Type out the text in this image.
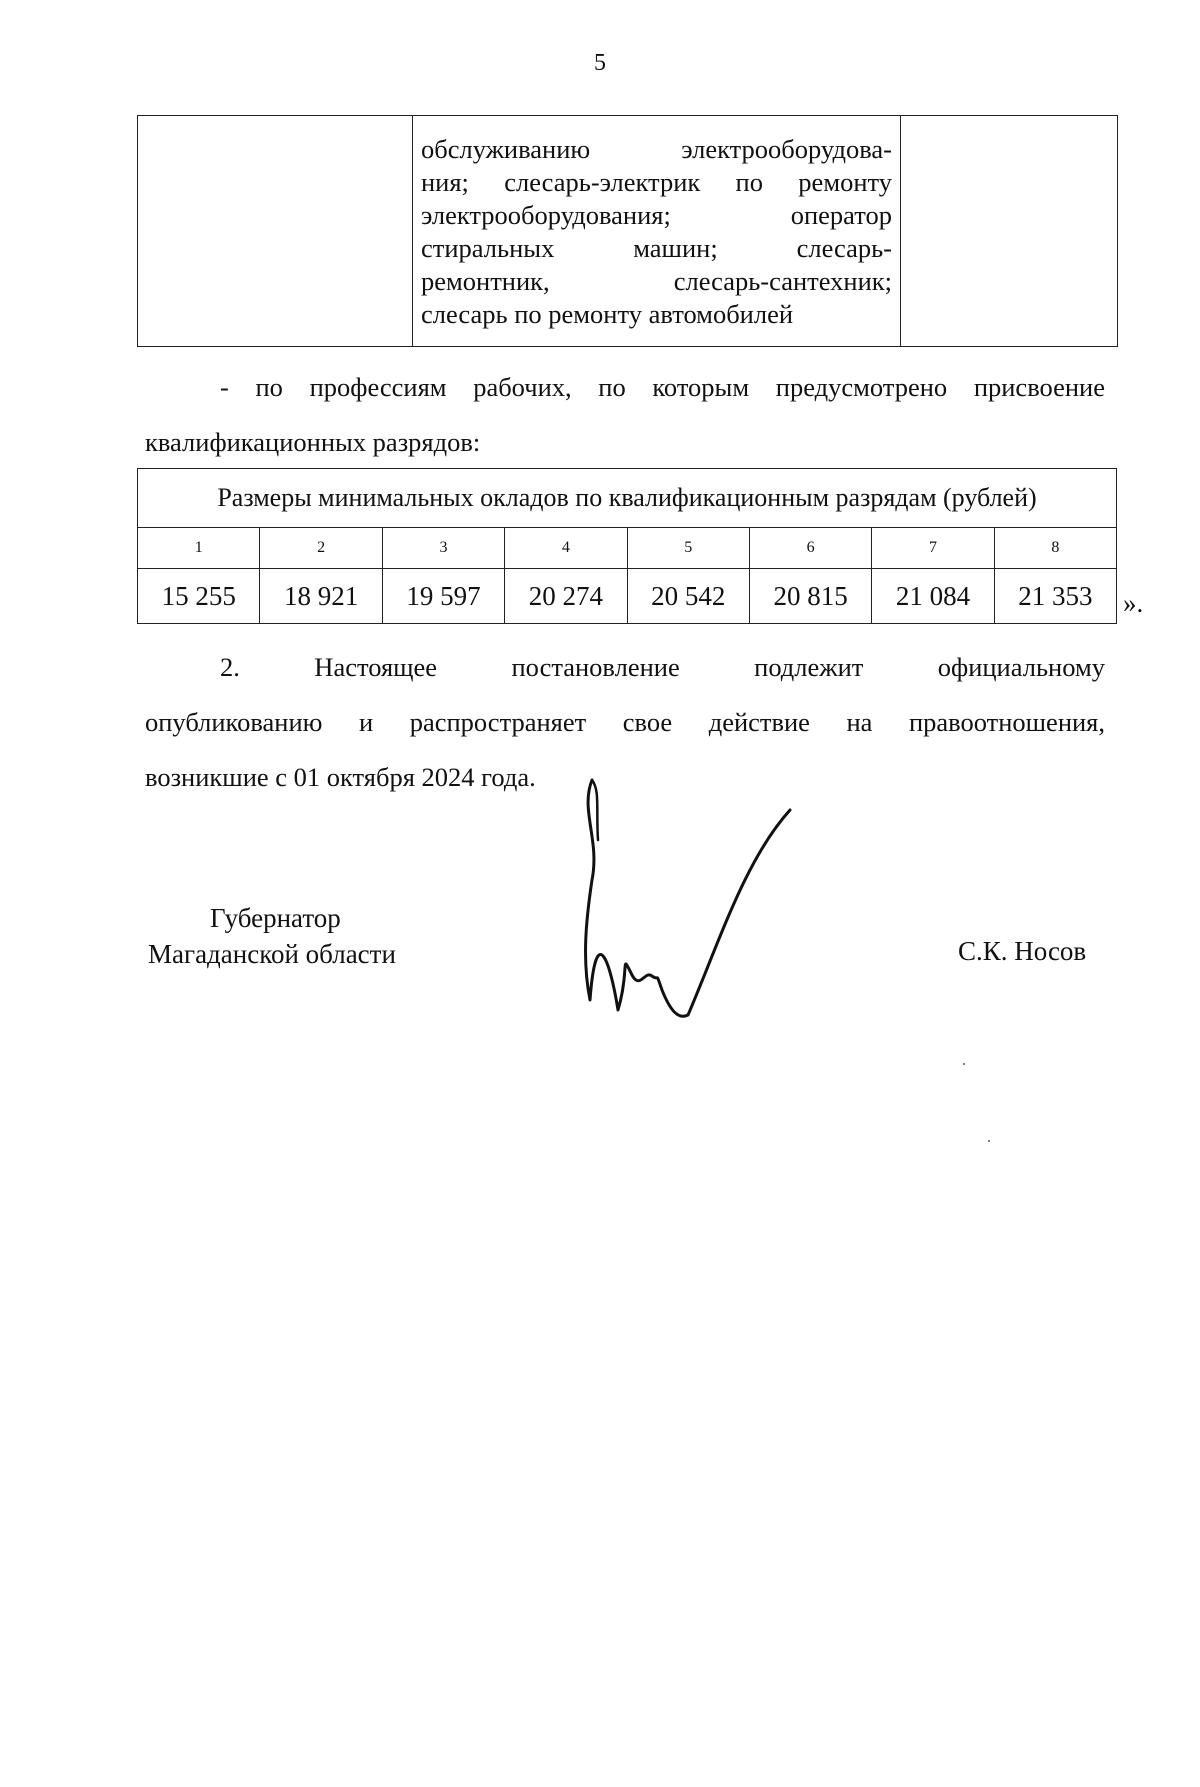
5

обслуживанию электрооборудова-
ния; слесарь-электрик по ремонту
электрооборудования; оператор
стиральных машин; слесарь-
ремонтник, слесарь-сантехник;
слесарь по ремонту автомобилей

- по профессиям рабочих, по которым предусмотрено присвоение
квалификационных разрядов:
Размеры минимальных окладов по квалификационным разрядам (рублей)							
1	2	3	4	5	6	7	8
15 255	18 921	19 597	20 274	20 542	20 815	21 084	21 353 ».
2. Настоящее постановление подлежит официальному
опубликованию и распространяет свое действие на правоотношения,
возникшие с 01 октября 2024 года.
Губернатор
Магаданской области	С.К. Носов
